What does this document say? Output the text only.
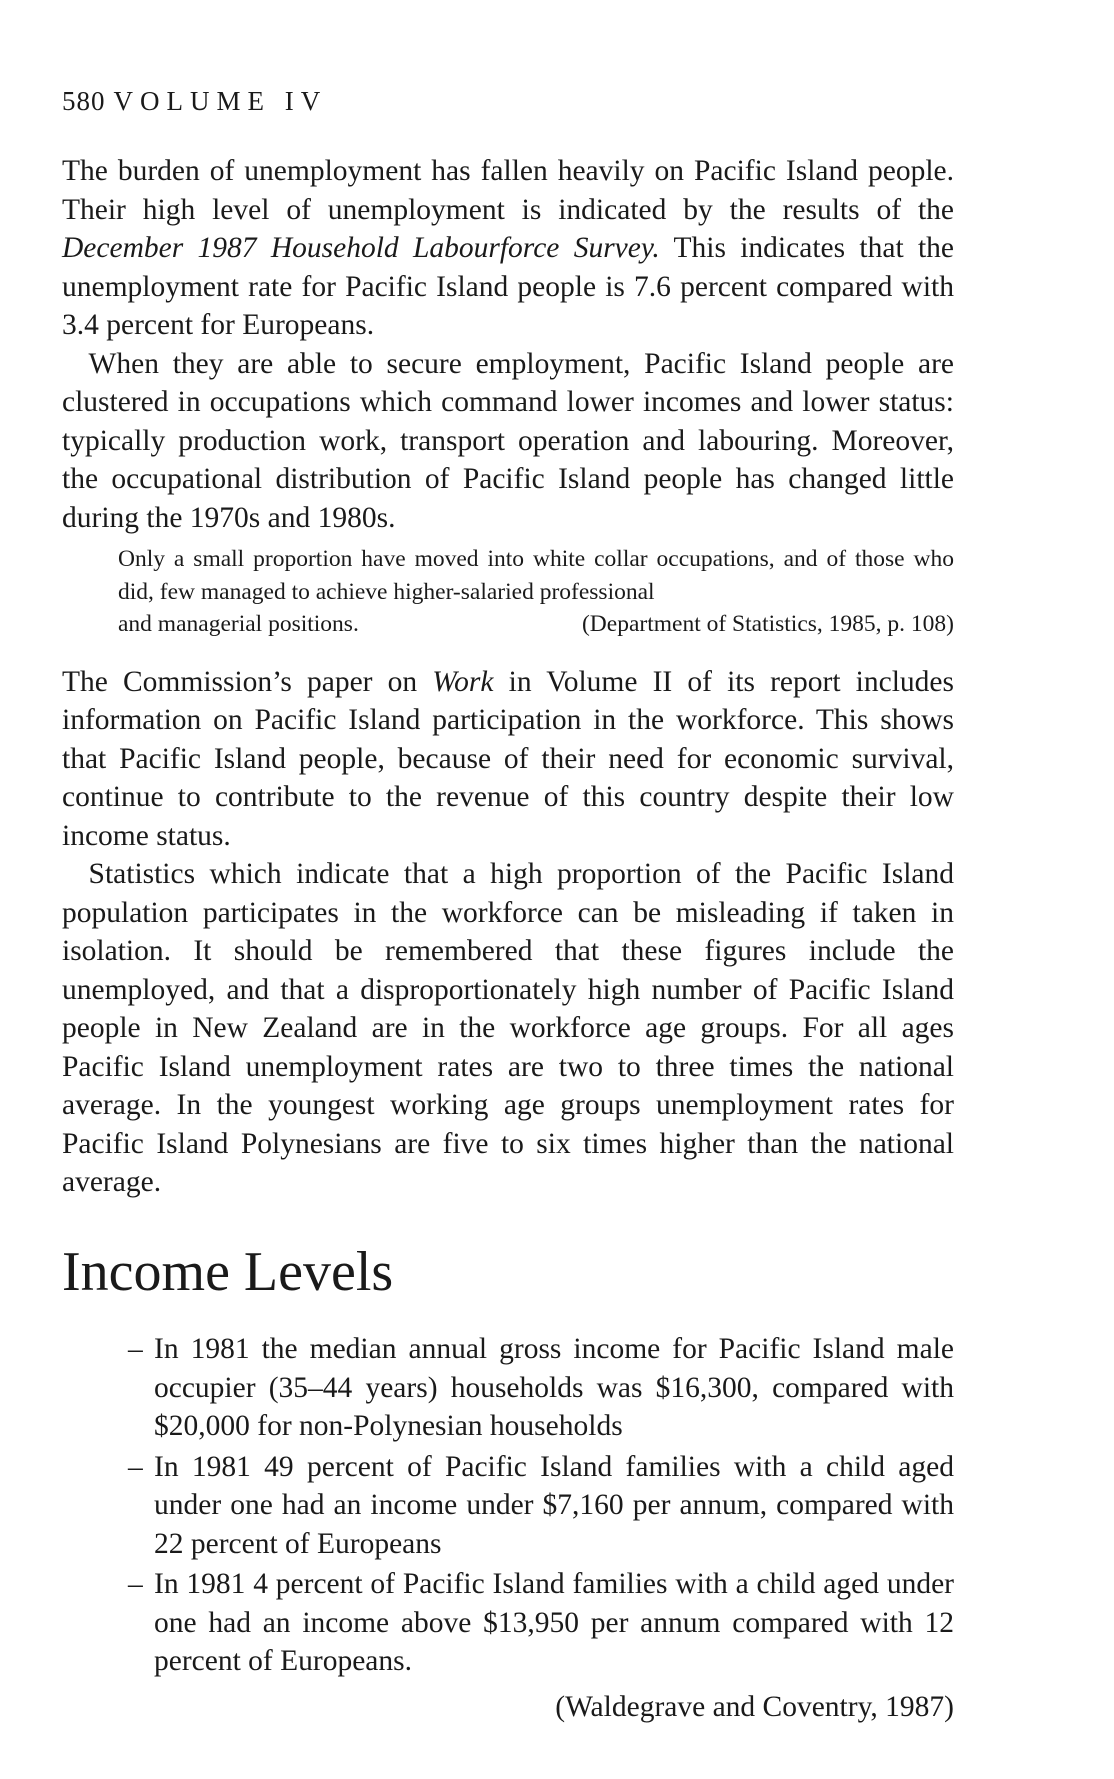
580 VOLUME IV

The burden of unemployment has fallen heavily on Pacific Island people. Their high level of unemployment is indicated by the results of the December 1987 Household Labourforce Survey. This indicates that the unemployment rate for Pacific Island people is 7.6 percent compared with 3.4 percent for Europeans.

When they are able to secure employment, Pacific Island people are clustered in occupations which command lower incomes and lower status: typically production work, transport operation and labouring. Moreover, the occupational distribution of Pacific Island people has changed little during the 1970s and 1980s.

Only a small proportion have moved into white collar occupations, and of those who did, few managed to achieve higher-salaried professional
and managerial positions.	(Department of Statistics, 1985, p. 108)

The Commission’s paper on Work in Volume II of its report includes information on Pacific Island participation in the workforce. This shows that Pacific Island people, because of their need for economic survival, continue to contribute to the revenue of this country despite their low income status.

Statistics which indicate that a high proportion of the Pacific Island population participates in the workforce can be misleading if taken in isolation. It should be remembered that these figures include the unemployed, and that a disproportionately high number of Pacific Island people in New Zealand are in the workforce age groups. For all ages Pacific Island unemployment rates are two to three times the national average. In the youngest working age groups unemployment rates for Pacific Island Polynesians are five to six times higher than the national average.

Income Levels
– In 1981 the median annual gross income for Pacific Island male occupier (35–44 years) households was $16,300, compared with $20,000 for non-Polynesian households
– In 1981 49 percent of Pacific Island families with a child aged under one had an income under $7,160 per annum, compared with 22 percent of Europeans
– In 1981 4 percent of Pacific Island families with a child aged under one had an income above $13,950 per annum compared with 12 percent of Europeans.
(Waldegrave and Coventry, 1987)
